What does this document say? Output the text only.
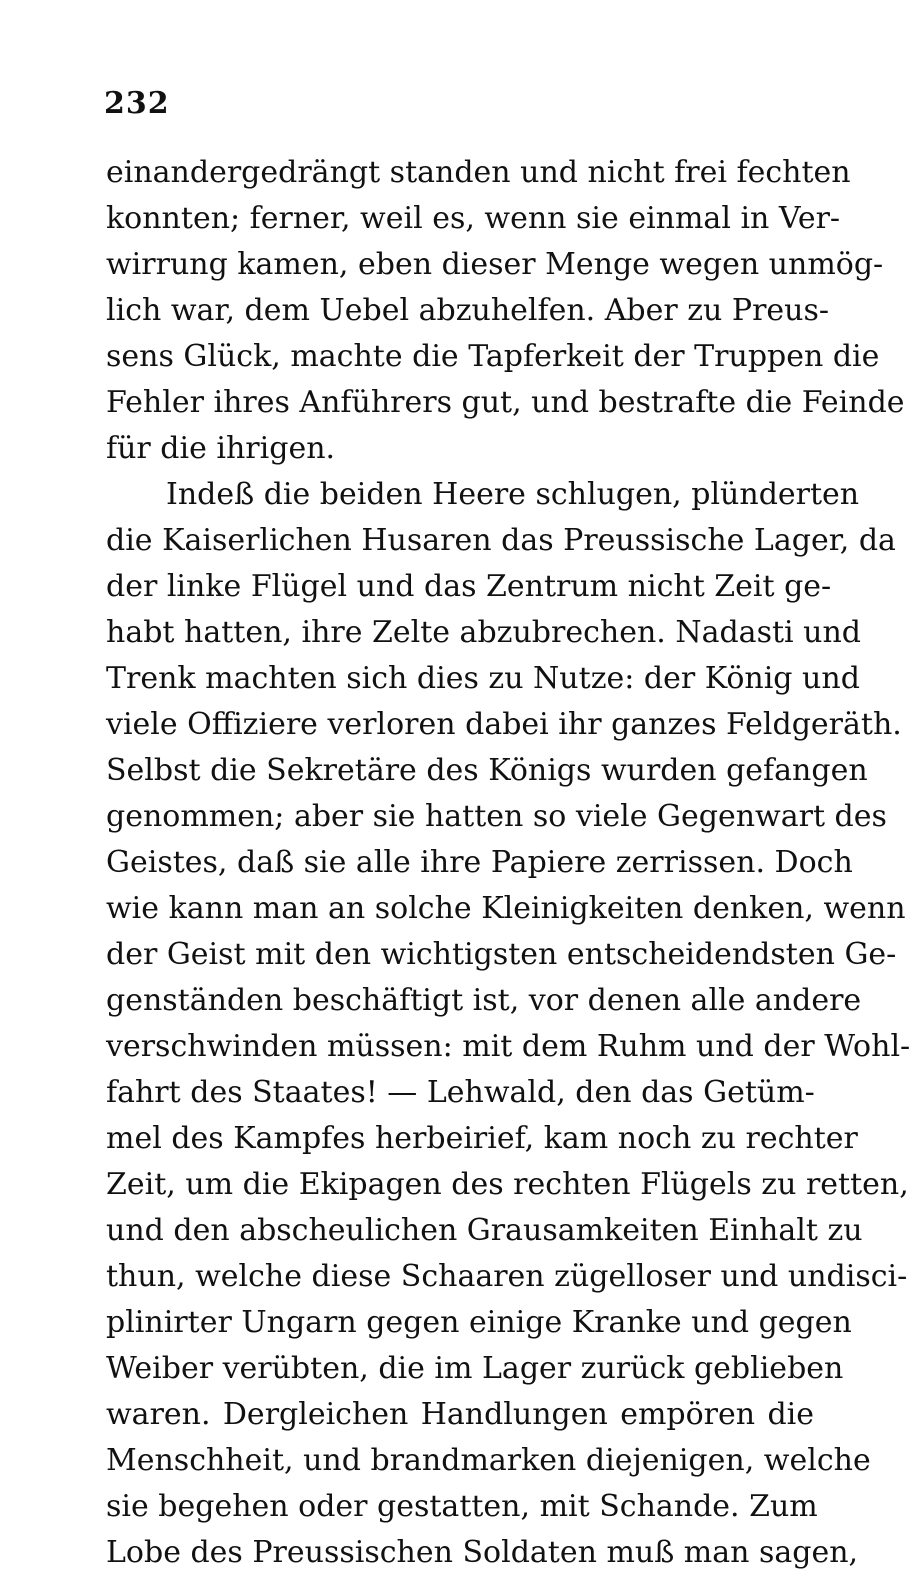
232
einandergedrängt standen und nicht frei fechten
konnten; ferner, weil es, wenn sie einmal in Ver-
wirrung kamen, eben dieser Menge wegen unmög-
lich war, dem Uebel abzuhelfen. Aber zu Preus-
sens Glück, machte die Tapferkeit der Truppen die
Fehler ihres Anführers gut, und bestrafte die Feinde
für die ihrigen.
Indeß die beiden Heere schlugen, plünderten
die Kaiserlichen Husaren das Preussische Lager, da
der linke Flügel und das Zentrum nicht Zeit ge-
habt hatten, ihre Zelte abzubrechen. Nadasti und
Trenk machten sich dies zu Nutze: der König und
viele Offiziere verloren dabei ihr ganzes Feldgeräth.
Selbst die Sekretäre des Königs wurden gefangen
genommen; aber sie hatten so viele Gegenwart des
Geistes, daß sie alle ihre Papiere zerrissen. Doch
wie kann man an solche Kleinigkeiten denken, wenn
der Geist mit den wichtigsten entscheidendsten Ge-
genständen beschäftigt ist, vor denen alle andere
verschwinden müssen: mit dem Ruhm und der Wohl-
fahrt des Staates! — Lehwald, den das Getüm-
mel des Kampfes herbeirief, kam noch zu rechter
Zeit, um die Ekipagen des rechten Flügels zu retten,
und den abscheulichen Grausamkeiten Einhalt zu
thun, welche diese Schaaren zügelloser und undisci-
plinirter Ungarn gegen einige Kranke und gegen
Weiber verübten, die im Lager zurück geblieben
waren. Dergleichen Handlungen empören die
Menschheit, und brandmarken diejenigen, welche
sie begehen oder gestatten, mit Schande. Zum
Lobe des Preussischen Soldaten muß man sagen,
